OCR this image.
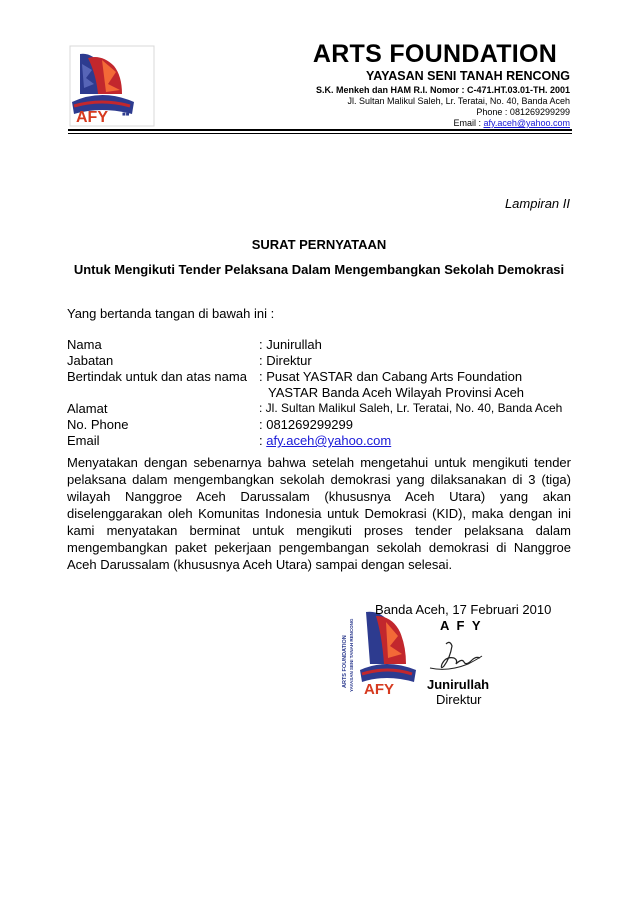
AFY ■■
ARTS FOUNDATION
YAYASAN SENI TANAH RENCONG
S.K. Menkeh dan HAM R.I. Nomor : C-471.HT.03.01-TH. 2001
Jl. Sultan Malikul Saleh, Lr. Teratai, No. 40, Banda Aceh
Phone : 081269299299
Email : afy.aceh@yahoo.com
Lampiran II
SURAT PERNYATAAN
Untuk Mengikuti Tender Pelaksana Dalam Mengembangkan Sekolah Demokrasi
Yang bertanda tangan di bawah ini :
Nama	: Junirullah
Jabatan	: Direktur
Bertindak untuk dan atas nama : Pusat YASTAR dan Cabang Arts Foundation
YASTAR Banda Aceh Wilayah Provinsi Aceh
Alamat	: Jl. Sultan Malikul Saleh, Lr. Teratai, No. 40, Banda Aceh
No. Phone	: 081269299299
Email	: afy.aceh@yahoo.com
Menyatakan dengan sebenarnya bahwa setelah mengetahui untuk mengikuti tender pelaksana dalam mengembangkan sekolah demokrasi yang dilaksanakan di 3 (tiga) wilayah Nanggroe Aceh Darussalam (khususnya Aceh Utara) yang akan diselenggarakan oleh Komunitas Indonesia untuk Demokrasi (KID), maka dengan ini kami menyatakan berminat untuk mengikuti proses tender pelaksana dalam mengembangkan paket pekerjaan pengembangan sekolah demokrasi di Nanggroe Aceh Darussalam (khususnya Aceh Utara) sampai dengan selesai.
AFY
ARTS FOUNDATION YAYASAN SENI TANAH RENCONG
Banda Aceh, 17 Februari 2010
A F Y
Junirullah
Direktur
